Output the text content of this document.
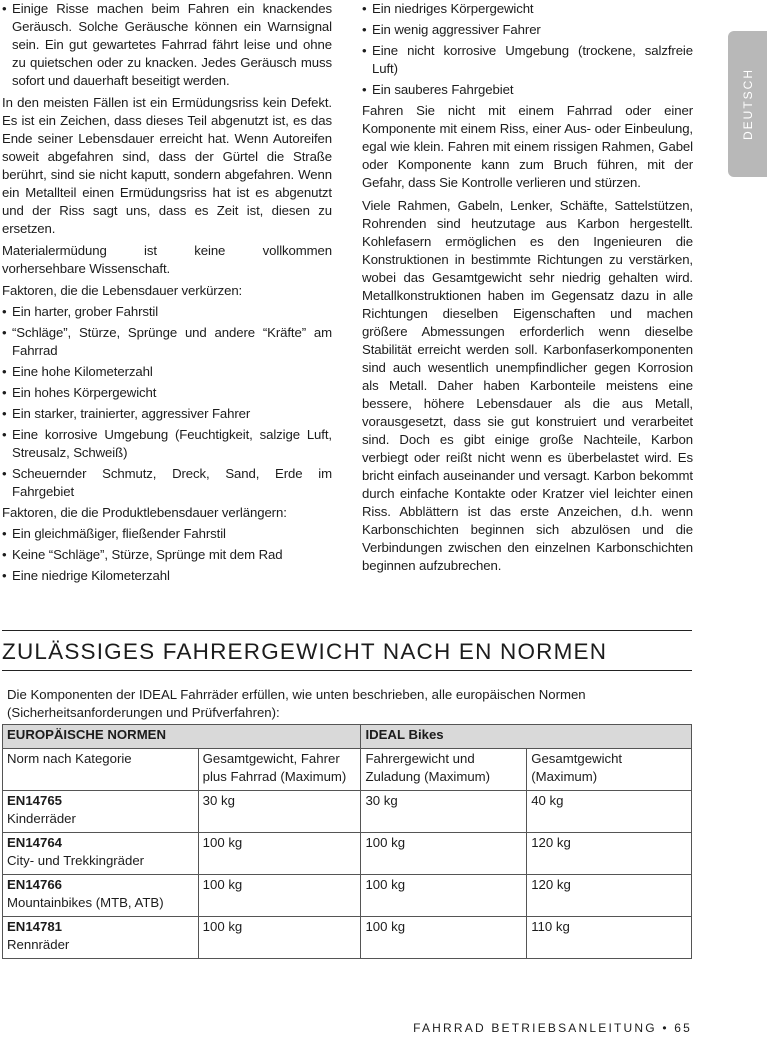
• Einige Risse machen beim Fahren ein knackendes Geräusch. Solche Geräusche können ein Warnsignal sein. Ein gut gewartetes Fahrrad fährt leise und ohne zu quietschen oder zu knacken. Jedes Geräusch muss sofort und dauerhaft beseitigt werden.
In den meisten Fällen ist ein Ermüdungsriss kein Defekt. Es ist ein Zeichen, dass dieses Teil abgenutzt ist, es das Ende seiner Lebensdauer erreicht hat. Wenn Autoreifen soweit abgefahren sind, dass der Gürtel die Straße berührt, sind sie nicht kaputt, sondern abgefahren. Wenn ein Metallteil einen Ermüdungsriss hat ist es abgenutzt und der Riss sagt uns, dass es Zeit ist, diesen zu ersetzen.
Materialermüdung ist keine vollkommen
vorhersehbare Wissenschaft.
Faktoren, die die Lebensdauer verkürzen:
• Ein harter, grober Fahrstil
• “Schläge”, Stürze, Sprünge und andere “Kräfte” am Fahrrad
• Eine hohe Kilometerzahl
• Ein hohes Körpergewicht
• Ein starker, trainierter, aggressiver Fahrer
• Eine korrosive Umgebung (Feuchtigkeit, salzige Luft, Streusalz, Schweiß)
• Scheuernder Schmutz, Dreck, Sand, Erde im Fahrgebiet
Faktoren, die die Produktlebensdauer verlängern:
• Ein gleichmäßiger, fließender Fahrstil
• Keine “Schläge”, Stürze, Sprünge mit dem Rad
• Eine niedrige Kilometerzahl
• Ein niedriges Körpergewicht
• Ein wenig aggressiver Fahrer
• Eine nicht korrosive Umgebung (trockene, salzfreie Luft)
• Ein sauberes Fahrgebiet
Fahren Sie nicht mit einem Fahrrad oder einer Komponente mit einem Riss, einer Aus- oder Einbeulung, egal wie klein. Fahren mit einem rissigen Rahmen, Gabel oder Komponente kann zum Bruch führen, mit der Gefahr, dass Sie Kontrolle verlieren und stürzen.
Viele Rahmen, Gabeln, Lenker, Schäfte, Sattelstützen, Rohrenden sind heutzutage aus Karbon hergestellt. Kohlefasern ermöglichen es den Ingenieuren die Konstruktionen in bestimmte Richtungen zu verstärken, wobei das Gesamtgewicht sehr niedrig gehalten wird. Metallkonstruktionen haben im Gegensatz dazu in alle Richtungen dieselben Eigenschaften und machen größere Abmessungen erforderlich wenn dieselbe Stabilität erreicht werden soll. Karbonfaserkomponenten sind auch wesentlich unempfindlicher gegen Korrosion als Metall. Daher haben Karbonteile meistens eine bessere, höhere Lebensdauer als die aus Metall, vorausgesetzt, dass sie gut konstruiert und verarbeitet sind. Doch es gibt einige große Nachteile, Karbon verbiegt oder reißt nicht wenn es überbelastet wird. Es bricht einfach auseinander und versagt. Karbon bekommt durch einfache Kontakte oder Kratzer viel leichter einen Riss. Abblättern ist das erste Anzeichen, d.h. wenn Karbonschichten beginnen sich abzulösen und die Verbindungen zwischen den einzelnen Karbonschichten beginnen aufzubrechen.
DEUTSCH
ZULÄSSIGES FAHRERGEWICHT NACH EN NORMEN
Die Komponenten der IDEAL Fahrräder erfüllen, wie unten beschrieben, alle europäischen Normen
(Sicherheitsanforderungen und Prüfverfahren):
EUROPÄISCHE NORMEN		IDEAL Bikes	
Norm nach Kategorie	Gesamtgewicht, Fahrer plus Fahrrad (Maximum)	Fahrergewicht und Zuladung (Maximum)	Gesamtgewicht (Maximum)

EN14765
Kinderräder	30 kg	30 kg	40 kg

EN14764
City- und Trekkingräder	100 kg	100 kg	120 kg

EN14766
Mountainbikes (MTB, ATB)	100 kg	100 kg	120 kg

EN14781
Rennräder	100 kg	100 kg	110 kg
FAHRRAD BETRIEBSANLEITUNG • 65
